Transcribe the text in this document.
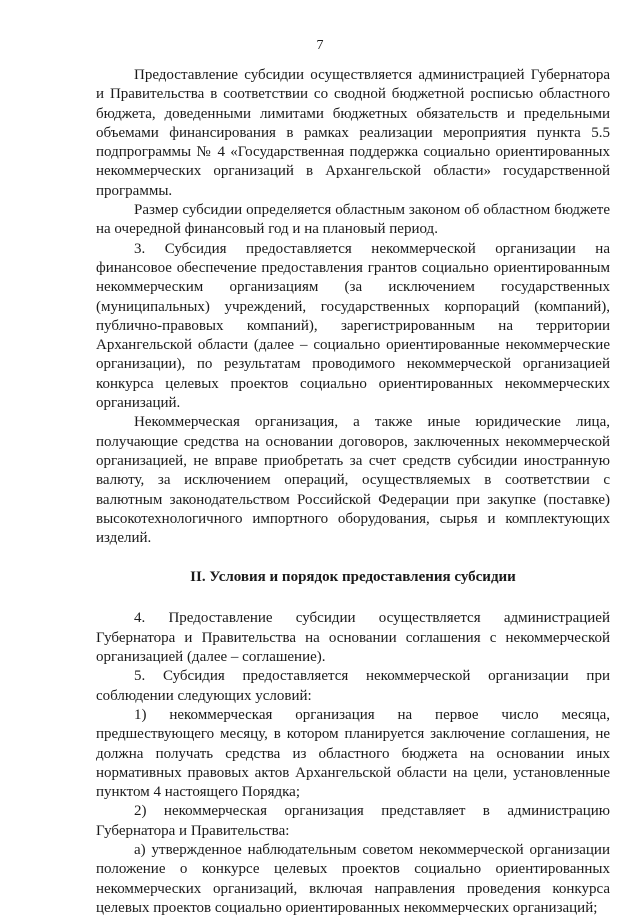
7

Предоставление субсидии осуществляется администрацией Губернатора и Правительства в соответствии со сводной бюджетной росписью областного бюджета, доведенными лимитами бюджетных обязательств и предельными объемами финансирования в рамках реализации мероприятия пункта 5.5 подпрограммы № 4 «Государственная поддержка социально ориентированных некоммерческих организаций в Архангельской области» государственной программы.

Размер субсидии определяется областным законом об областном бюджете на очередной финансовый год и на плановый период.

3. Субсидия предоставляется некоммерческой организации на финансовое обеспечение предоставления грантов социально ориентированным некоммерческим организациям (за исключением государственных (муниципальных) учреждений, государственных корпораций (компаний), публично-правовых компаний), зарегистрированным на территории Архангельской области (далее – социально ориентированные некоммерческие организации), по результатам проводимого некоммерческой организацией конкурса целевых проектов социально ориентированных некоммерческих организаций.

Некоммерческая организация, а также иные юридические лица, получающие средства на основании договоров, заключенных некоммерческой организацией, не вправе приобретать за счет средств субсидии иностранную валюту, за исключением операций, осуществляемых в соответствии с валютным законодательством Российской Федерации при закупке (поставке) высокотехнологичного импортного оборудования, сырья и комплектующих изделий.

II. Условия и порядок предоставления субсидии

4. Предоставление субсидии осуществляется администрацией Губернатора и Правительства на основании соглашения с некоммерческой организацией (далее – соглашение).

5. Субсидия предоставляется некоммерческой организации при соблюдении следующих условий:

1) некоммерческая организация на первое число месяца, предшествующего месяцу, в котором планируется заключение соглашения, не должна получать средства из областного бюджета на основании иных нормативных правовых актов Архангельской области на цели, установленные пунктом 4 настоящего Порядка;

2) некоммерческая организация представляет в администрацию Губернатора и Правительства:

а) утвержденное наблюдательным советом некоммерческой организации положение о конкурсе целевых проектов социально ориентированных некоммерческих организаций, включая направления проведения конкурса целевых проектов социально ориентированных некоммерческих организаций;
